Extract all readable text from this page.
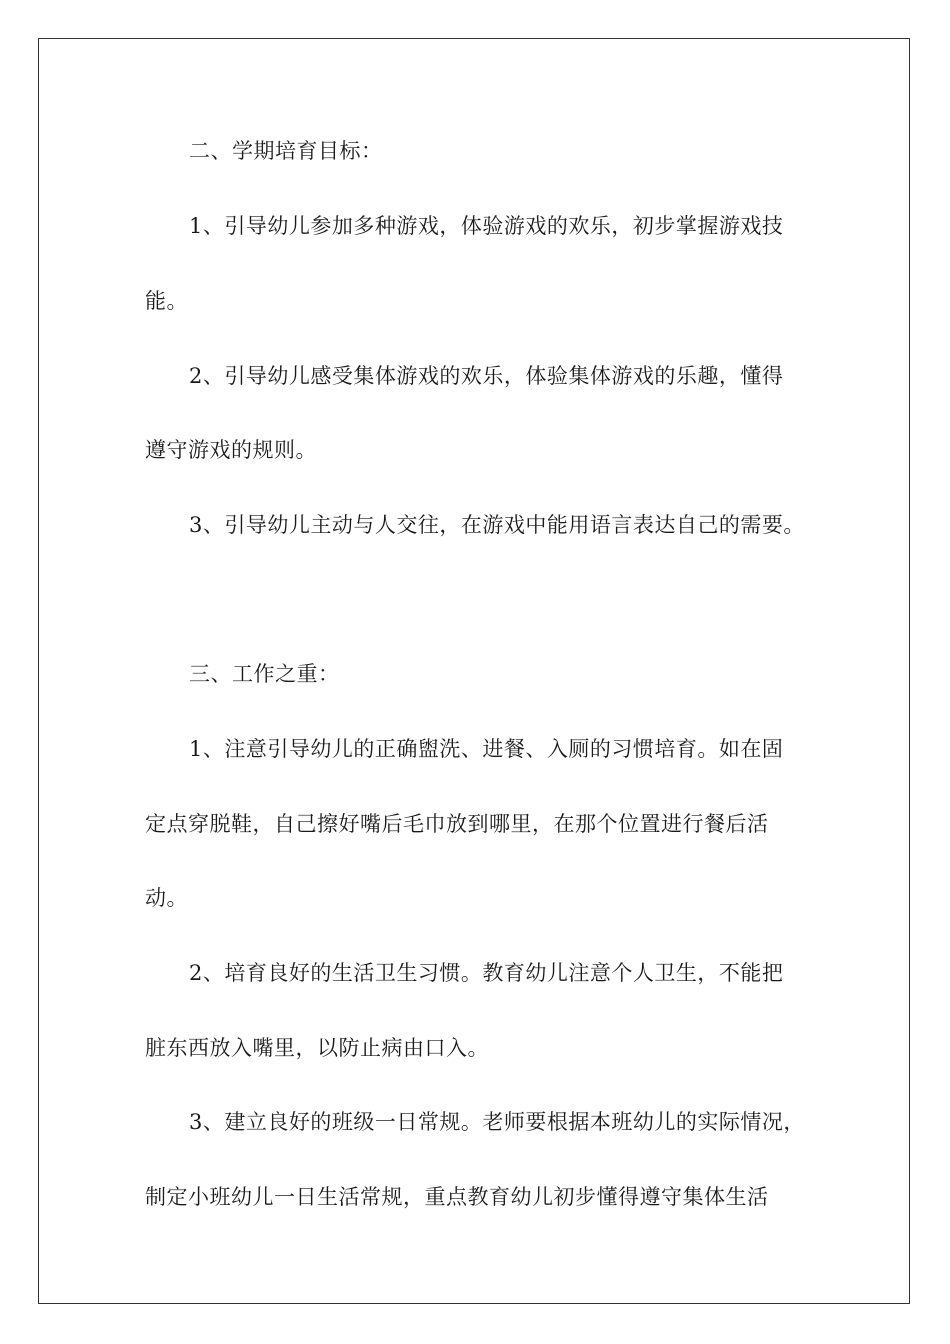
二、学期培育目标：
1、引导幼儿参加多种游戏，体验游戏的欢乐，初步掌握游戏技
能。
2、引导幼儿感受集体游戏的欢乐，体验集体游戏的乐趣，懂得
遵守游戏的规则。
3、引导幼儿主动与人交往，在游戏中能用语言表达自己的需要。
三、工作之重：
1、注意引导幼儿的正确盥洗、进餐、入厕的习惯培育。如在固
定点穿脱鞋，自己擦好嘴后毛巾放到哪里，在那个位置进行餐后活
动。
2、培育良好的生活卫生习惯。教育幼儿注意个人卫生，不能把
脏东西放入嘴里，以防止病由口入。
3、建立良好的班级一日常规。老师要根据本班幼儿的实际情况，
制定小班幼儿一日生活常规，重点教育幼儿初步懂得遵守集体生活
